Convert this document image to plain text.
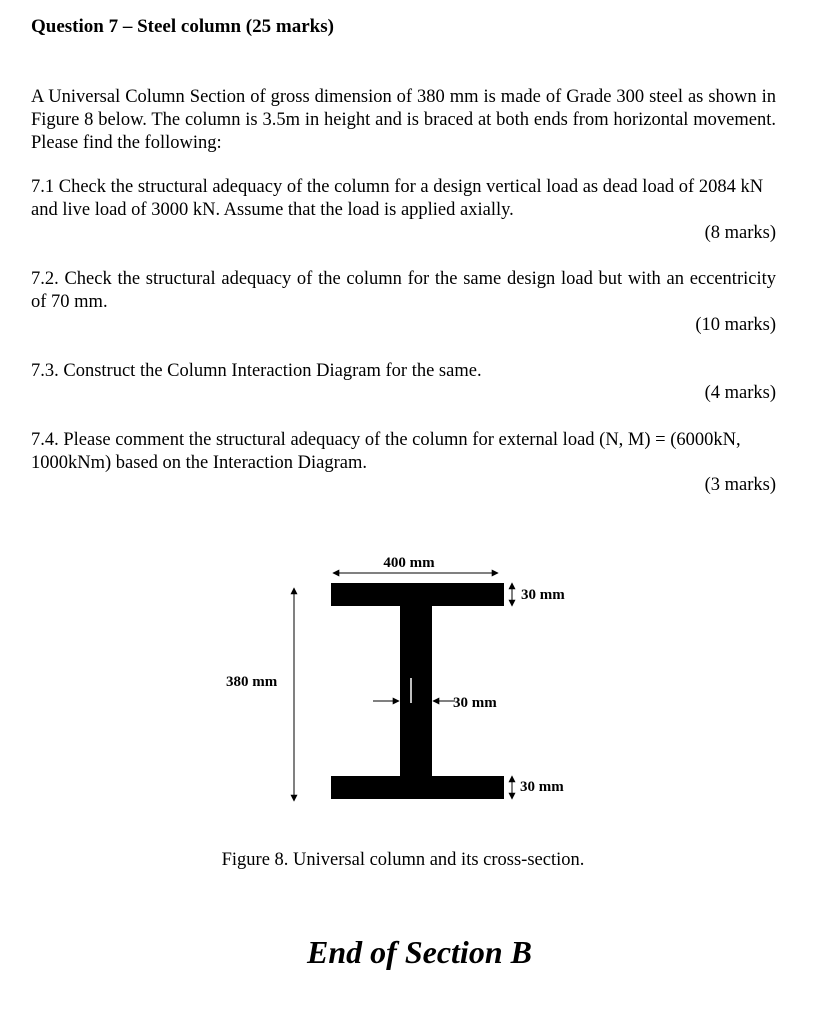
Question 7 – Steel column (25 marks)

A Universal Column Section of gross dimension of 380 mm is made of Grade 300 steel as shown in Figure 8 below. The column is 3.5m in height and is braced at both ends from horizontal movement. Please find the following:

7.1 Check the structural adequacy of the column for a design vertical load as dead load of 2084 kN and live load of 3000 kN. Assume that the load is applied axially.

(8 marks)

7.2. Check the structural adequacy of the column for the same design load but with an eccentricity of 70 mm.

(10 marks)

7.3. Construct the Column Interaction Diagram for the same.

(4 marks)

7.4. Please comment the structural adequacy of the column for external load (N, M) = (6000kN, 1000kNm) based on the Interaction Diagram.

(3 marks)

400 mm
380 mm
30 mm
30 mm
30 mm

Figure 8. Universal column and its cross-section.

End of Section B
